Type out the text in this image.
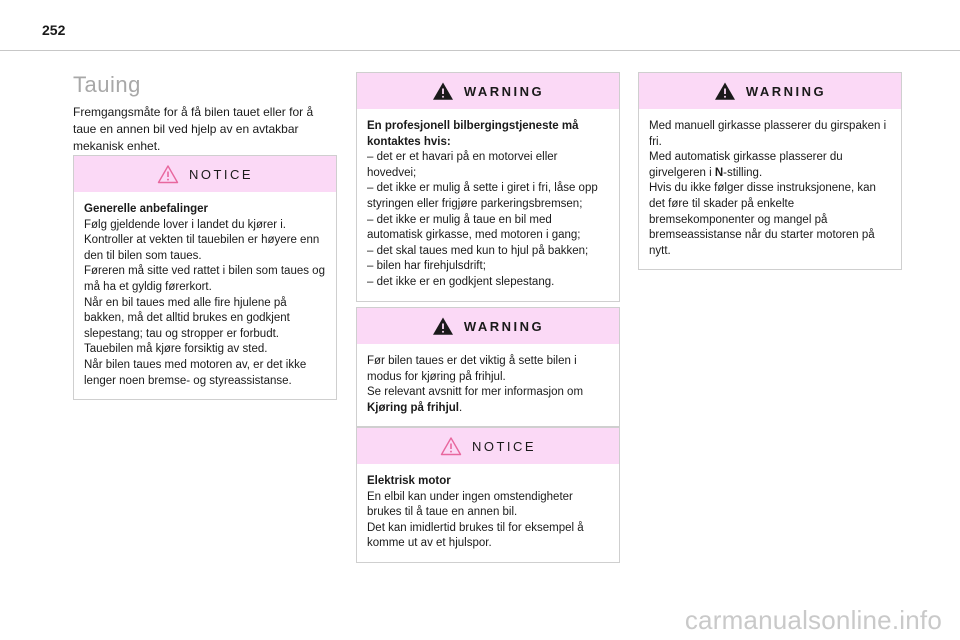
252
Tauing
Fremgangsmåte for å få bilen tauet eller for å taue en annen bil ved hjelp av en avtakbar mekanisk enhet.
NOTICE

Generelle anbefalinger

Følg gjeldende lover i landet du kjører i.

Kontroller at vekten til tauebilen er høyere enn den til bilen som taues.

Føreren må sitte ved rattet i bilen som taues og må ha et gyldig førerkort.

Når en bil taues med alle fire hjulene på bakken, må det alltid brukes en godkjent slepestang; tau og stropper er forbudt.

Tauebilen må kjøre forsiktig av sted.

Når bilen taues med motoren av, er det ikke lenger noen bremse- og styreassistanse.

WARNING

En profesjonell bilbergingstjeneste må kontaktes hvis:

– det er et havari på en motorvei eller hovedvei;

– det ikke er mulig å sette i giret i fri, låse opp styringen eller frigjøre parkeringsbremsen;

– det ikke er mulig å taue en bil med automatisk girkasse, med motoren i gang;

– det skal taues med kun to hjul på bakken;

– bilen har firehjulsdrift;

– det ikke er en godkjent slepestang.

WARNING

Før bilen taues er det viktig å sette bilen i modus for kjøring på frihjul.

Se relevant avsnitt for mer informasjon om Kjøring på frihjul.

NOTICE

Elektrisk motor

En elbil kan under ingen omstendigheter brukes til å taue en annen bil.

Det kan imidlertid brukes til for eksempel å komme ut av et hjulspor.

WARNING

Med manuell girkasse plasserer du girspaken i fri.

Med automatisk girkasse plasserer du girvelgeren i N-stilling.

Hvis du ikke følger disse instruksjonene, kan det føre til skader på enkelte bremsekomponenter og mangel på bremseassistanse når du starter motoren på nytt.

carmanualsonline.info
